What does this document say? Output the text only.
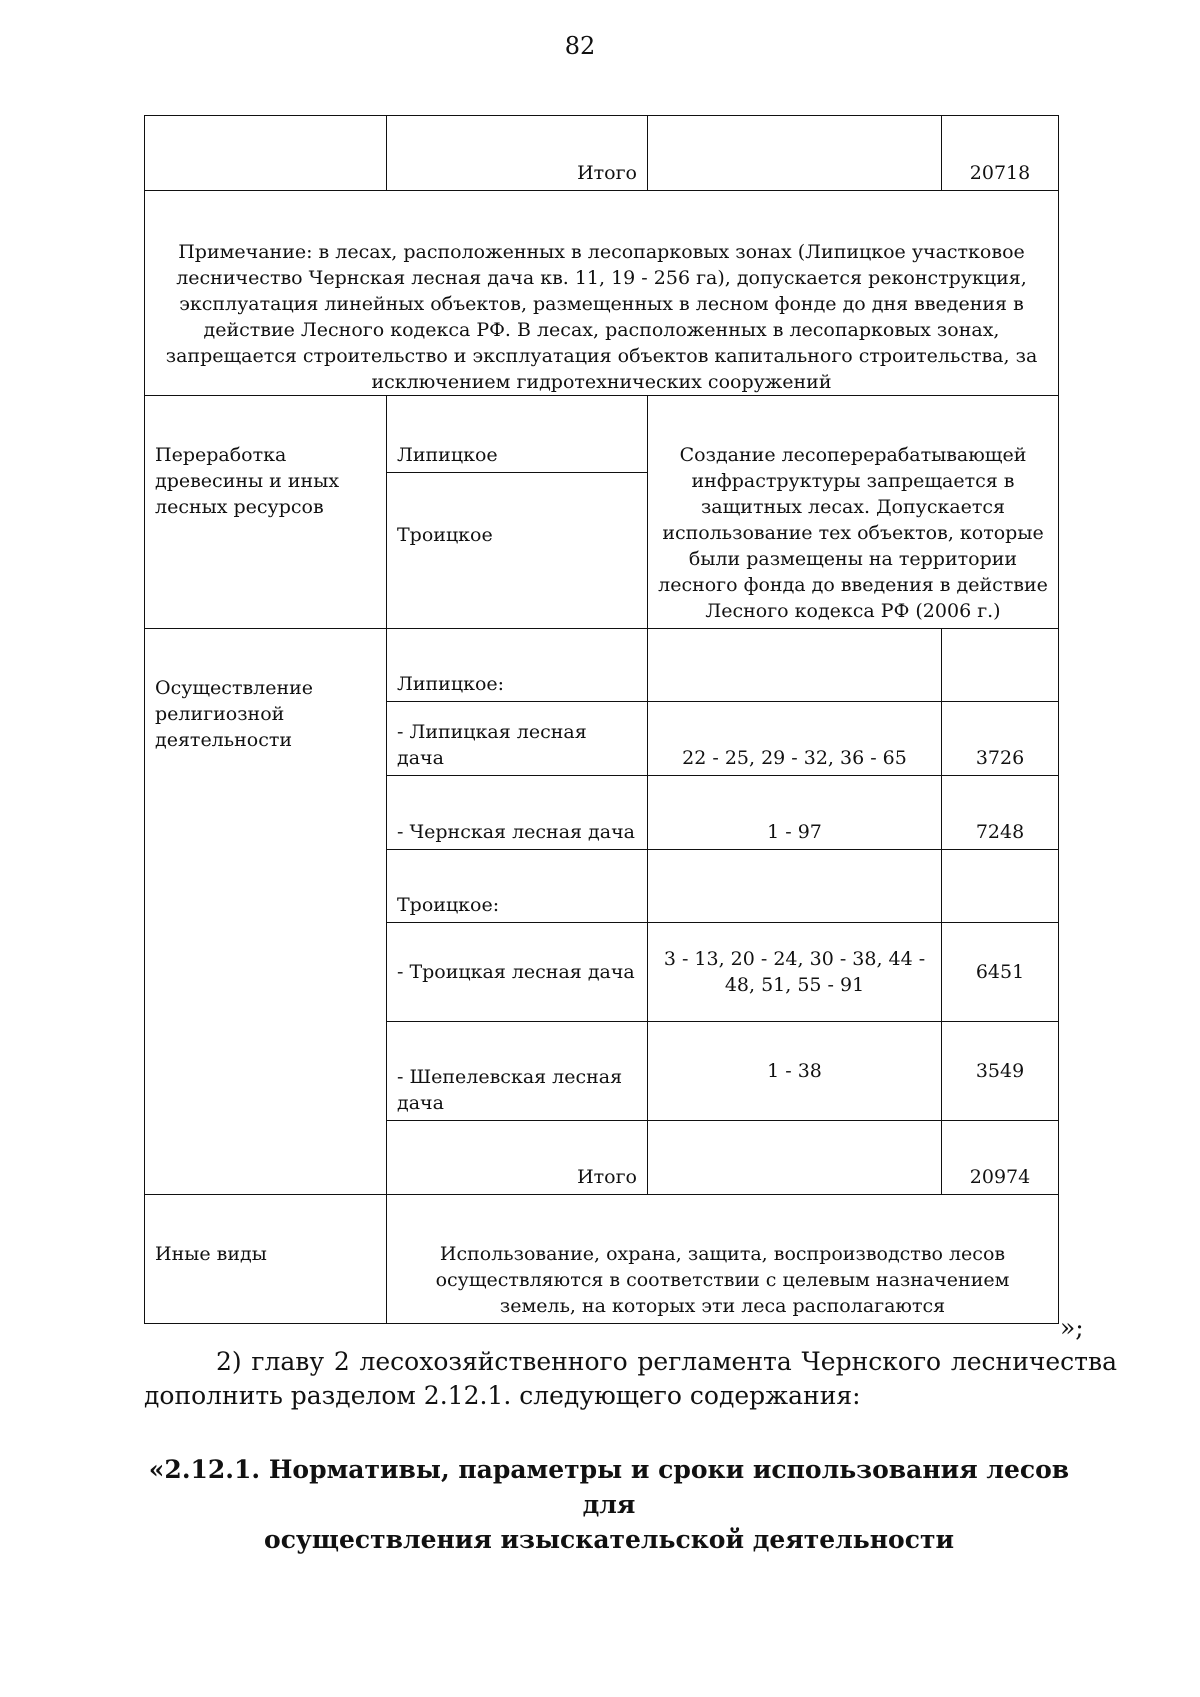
82
	Итого		20718
Примечание: в лесах, расположенных в лесопарковых зонах (Липицкое участковое лесничество Чернская лесная дача кв. 11, 19 - 256 га), допускается реконструкция, эксплуатация линейных объектов, размещенных в лесном фонде до дня введения в действие Лесного кодекса РФ. В лесах, расположенных в лесопарковых зонах, запрещается строительство и эксплуатация объектов капитального строительства, за исключением гидротехнических сооружений			
Переработка древесины и иных лесных ресурсов	Липицкое	Создание лесоперерабатывающей инфраструктуры запрещается в защитных лесах. Допускается использование тех объектов, которые были размещены на территории лесного фонда до введения в действие Лесного кодекса РФ (2006 г.)	
	Троицкое		
Осуществление религиозной деятельности	Липицкое:		
	- Липицкая лесная дача	22 - 25, 29 - 32, 36 - 65	3726
	- Чернская лесная дача	1 - 97	7248
	Троицкое:		
	- Троицкая лесная дача	3 - 13, 20 - 24, 30 - 38, 44 - 48, 51, 55 - 91	6451
	- Шепелевская лесная дача	1 - 38	3549
	Итого		20974
Иные виды	Использование, охрана, защита, воспроизводство лесов осуществляются в соответствии с целевым назначением земель, на которых эти леса располагаются		
»;
2) главу 2 лесохозяйственного регламента Чернского лесничества
дополнить разделом 2.12.1. следующего содержания:
«2.12.1. Нормативы, параметры и сроки использования лесов для
осуществления изыскательской деятельности
